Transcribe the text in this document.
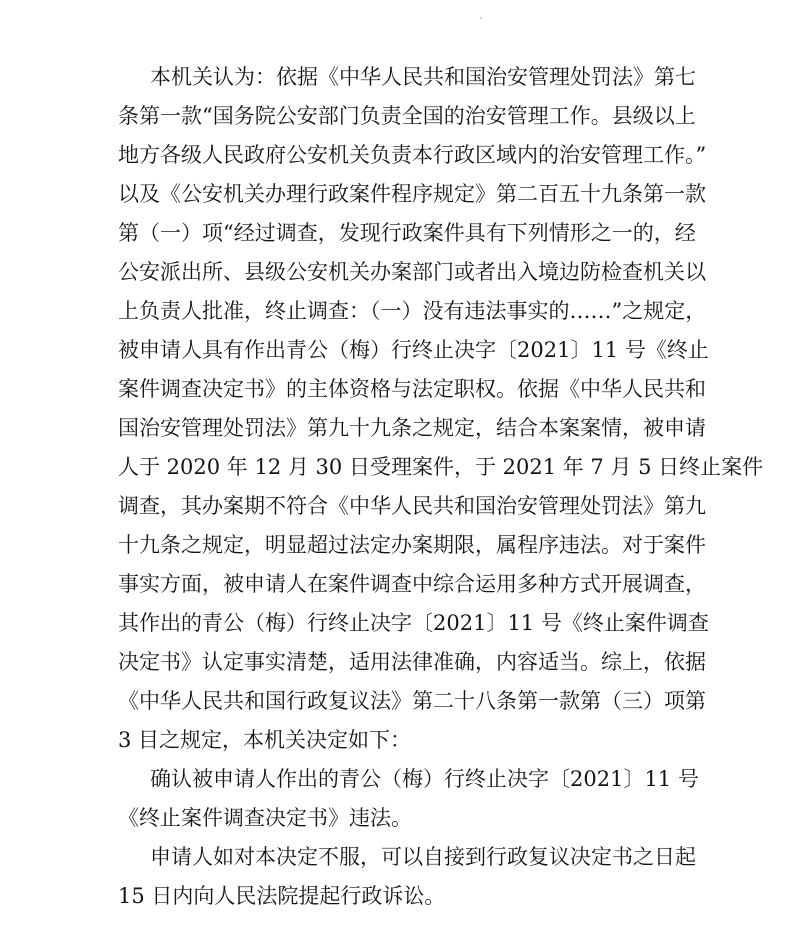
本机关认为：依据《中华人民共和国治安管理处罚法》第七
条第一款“国务院公安部门负责全国的治安管理工作。县级以上
地方各级人民政府公安机关负责本行政区域内的治安管理工作。”
以及《公安机关办理行政案件程序规定》第二百五十九条第一款
第（一）项“经过调查，发现行政案件具有下列情形之一的，经
公安派出所、县级公安机关办案部门或者出入境边防检查机关以
上负责人批准，终止调查：（一）没有违法事实的……”之规定，
被申请人具有作出青公（梅）行终止决字〔2021〕11 号《终止
案件调查决定书》的主体资格与法定职权。依据《中华人民共和
国治安管理处罚法》第九十九条之规定，结合本案案情，被申请
人于 2020 年 12 月 30 日受理案件，于 2021 年 7 月 5 日终止案件
调查，其办案期不符合《中华人民共和国治安管理处罚法》第九
十九条之规定，明显超过法定办案期限，属程序违法。对于案件
事实方面，被申请人在案件调查中综合运用多种方式开展调查，
其作出的青公（梅）行终止决字〔2021〕11 号《终止案件调查
决定书》认定事实清楚，适用法律准确，内容适当。综上，依据
《中华人民共和国行政复议法》第二十八条第一款第（三）项第
3 目之规定，本机关决定如下：
确认被申请人作出的青公（梅）行终止决字〔2021〕11 号
《终止案件调查决定书》违法。
申请人如对本决定不服，可以自接到行政复议决定书之日起
15 日内向人民法院提起行政诉讼。
